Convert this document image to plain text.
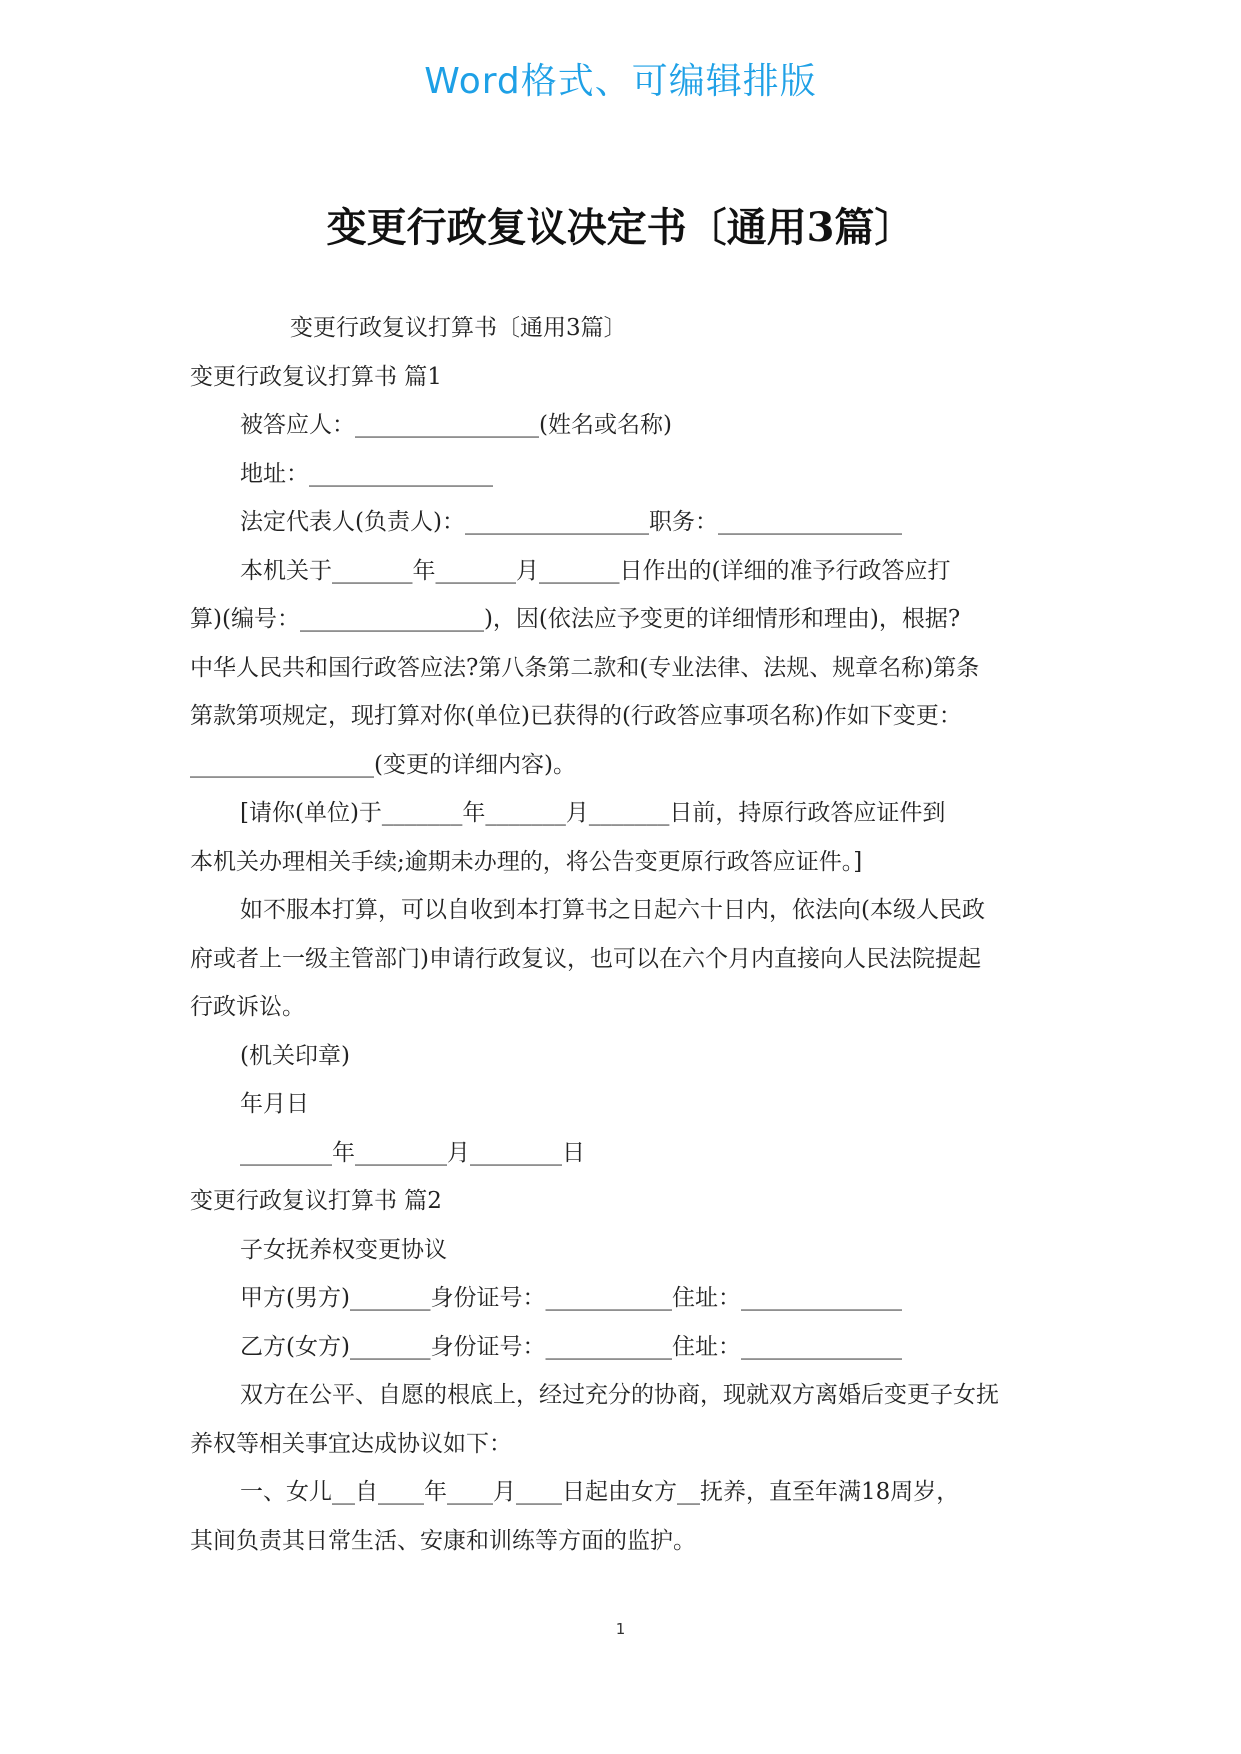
Word格式、可编辑排版
变更行政复议决定书〔通用3篇〕
变更行政复议打算书〔通用3篇〕
变更行政复议打算书 篇1
被答应人：________________(姓名或名称)
地址：________________
法定代表人(负责人)：________________职务：________________
本机关于_______年_______月_______日作出的(详细的准予行政答应打
算)(编号：________________)，因(依法应予变更的详细情形和理由)，根据?
中华人民共和国行政答应法?第八条第二款和(专业法律、法规、规章名称)第条
第款第项规定，现打算对你(单位)已获得的(行政答应事项名称)作如下变更：
________________(变更的详细内容)。
[请你(单位)于_______年_______月_______日前，持原行政答应证件到
本机关办理相关手续;逾期未办理的，将公告变更原行政答应证件。]
如不服本打算，可以自收到本打算书之日起六十日内，依法向(本级人民政
府或者上一级主管部门)申请行政复议，也可以在六个月内直接向人民法院提起
行政诉讼。
(机关印章)
年月日
________年________月________日
变更行政复议打算书 篇2
子女抚养权变更协议
甲方(男方)_______身份证号：___________住址：______________
乙方(女方)_______身份证号：___________住址：______________
双方在公平、自愿的根底上，经过充分的协商，现就双方离婚后变更子女抚
养权等相关事宜达成协议如下：
一、女儿__自____年____月____日起由女方__抚养，直至年满18周岁，
其间负责其日常生活、安康和训练等方面的监护。
1
